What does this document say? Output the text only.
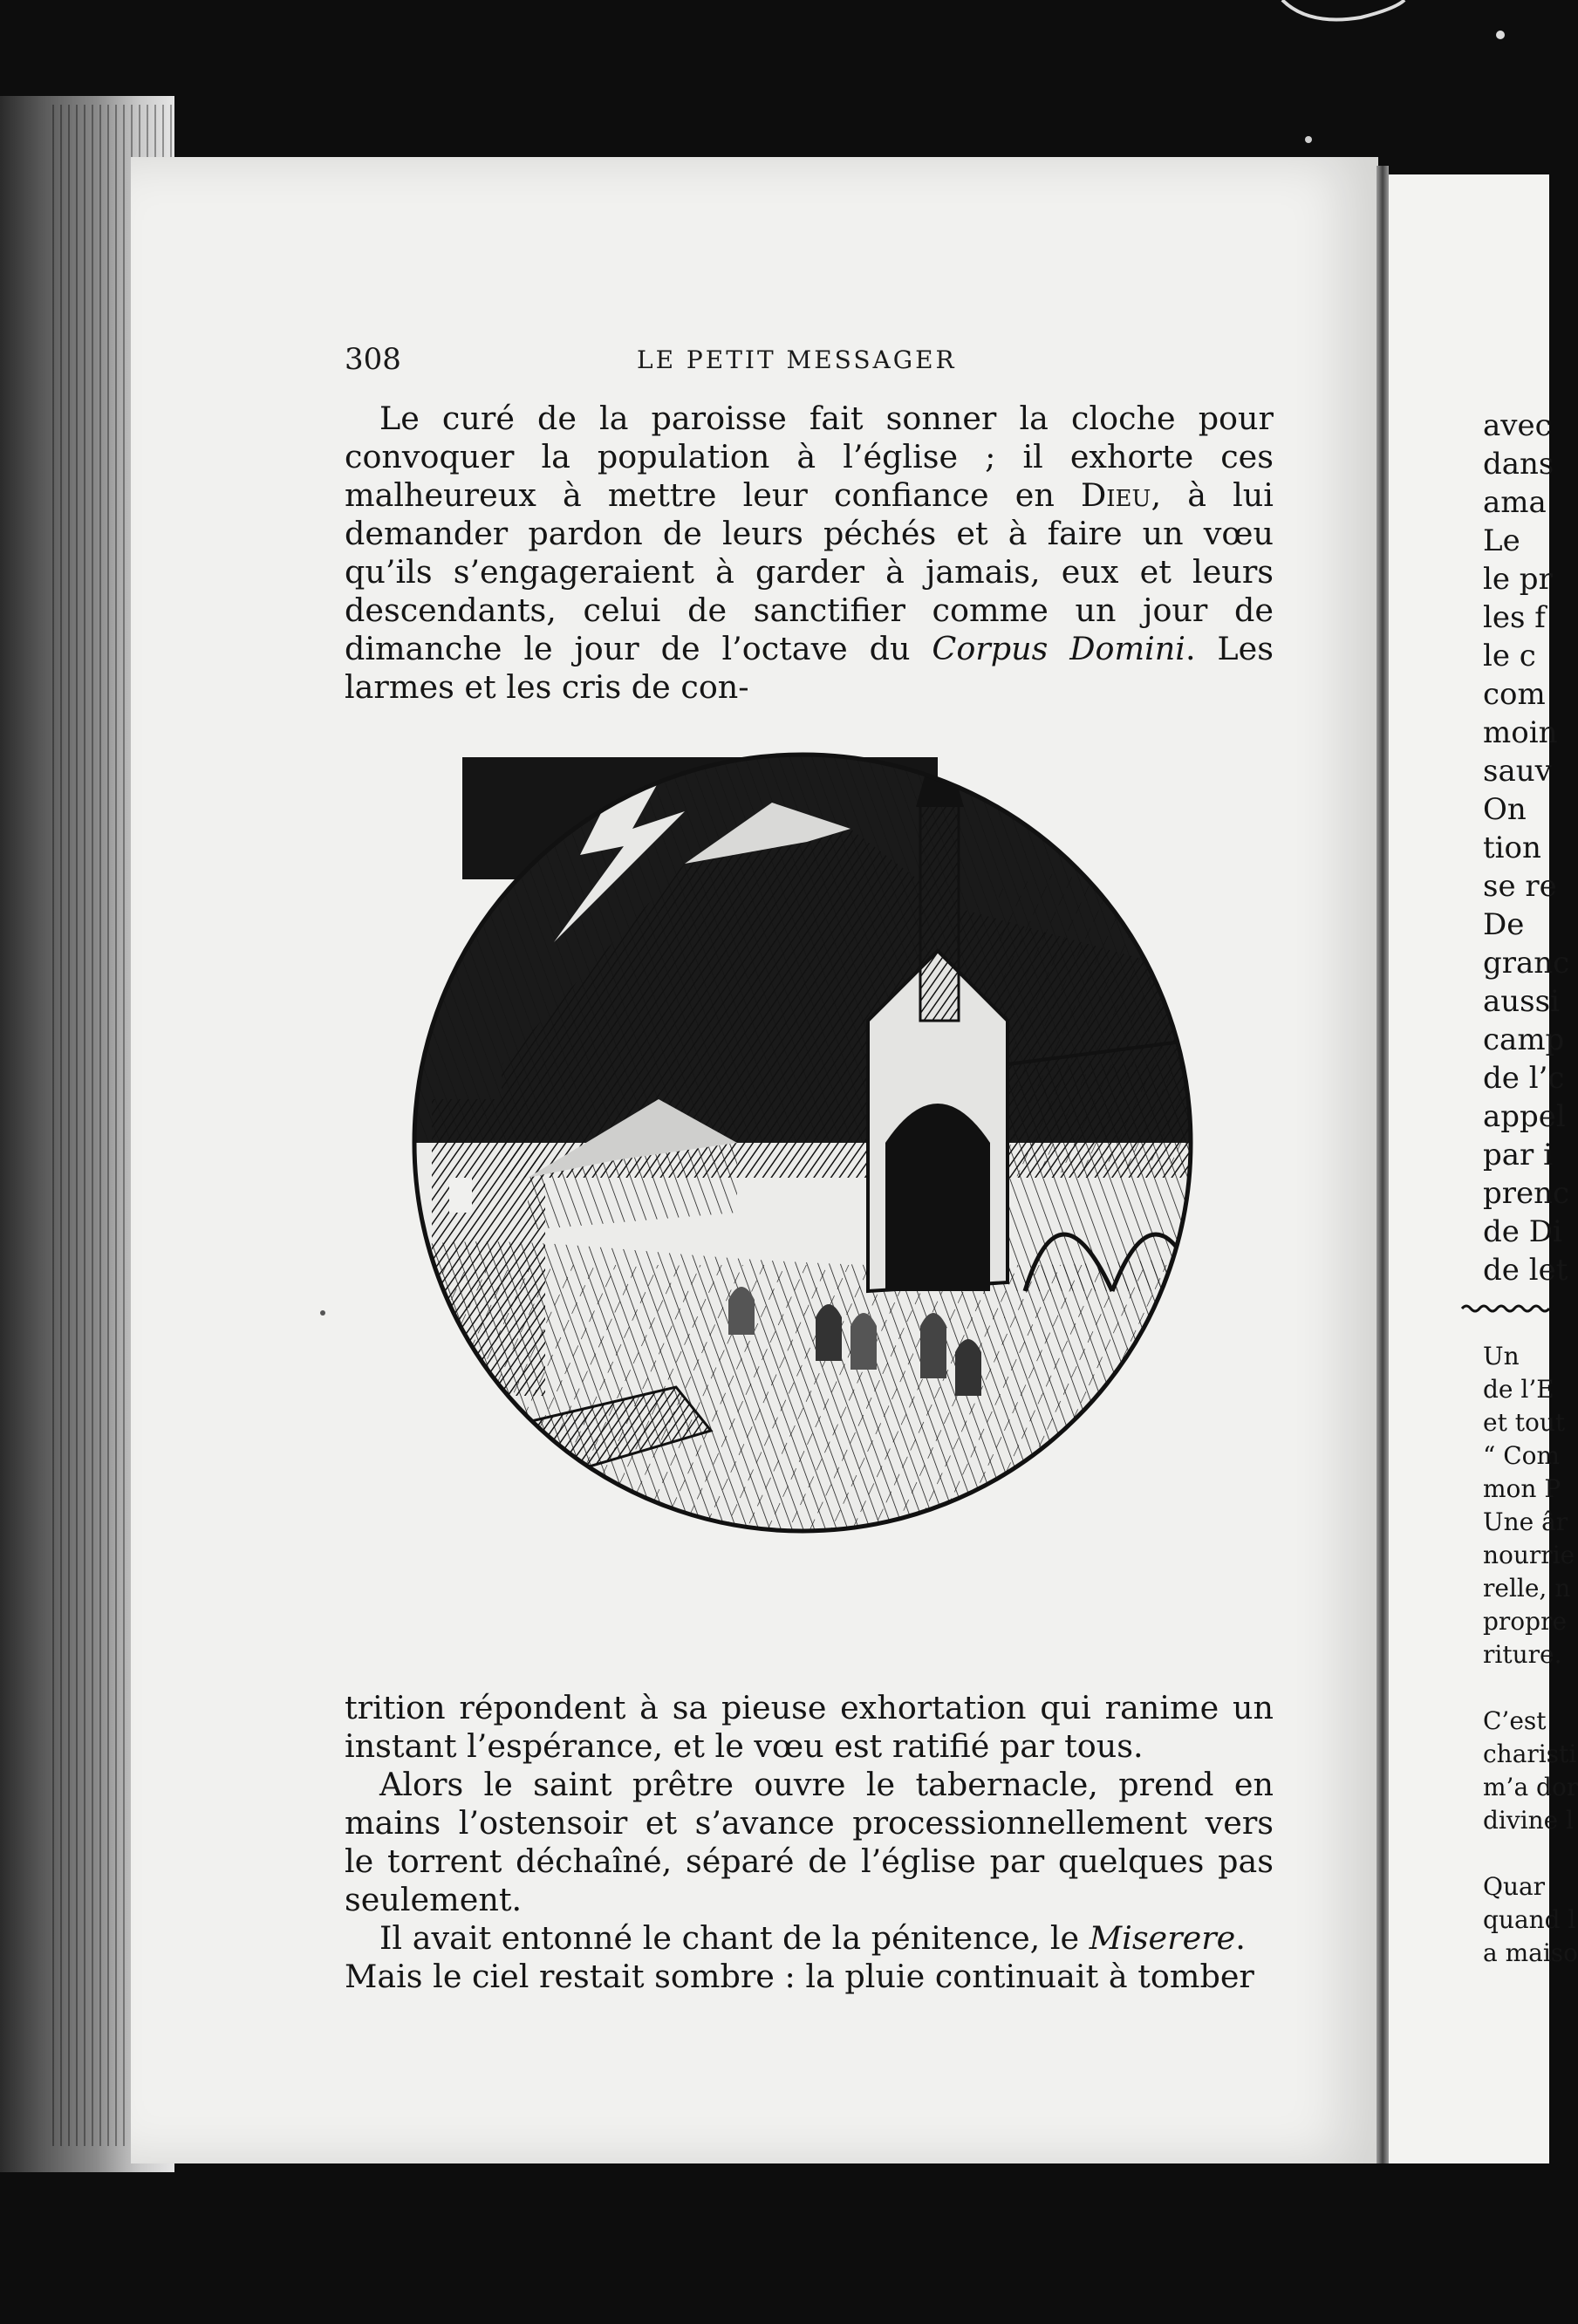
308	LE PETIT MESSAGER

Le curé de la paroisse fait sonner la cloche pour convoquer la population à l’église ; il exhorte ces malheureux à mettre leur confiance en Dieu, à lui demander pardon de leurs péchés et à faire un vœu qu’ils s’engageraient à garder à jamais, eux et leurs descendants, celui de sanctifier comme un jour de dimanche le jour de l’octave du Corpus Domini. Les larmes et les cris de con-

trition répondent à sa pieuse exhortation qui ranime un instant l’espérance, et le vœu est ratifié par tous.

Alors le saint prêtre ouvre le tabernacle, prend en mains l’ostensoir et s’avance processionnellement vers le torrent déchaîné, séparé de l’église par quelques pas seulement.

Il avait entonné le chant de la pénitence, le Miserere.

Mais le ciel restait sombre : la pluie continuait à tomber

avec

dans

ama

Le

le pr

les f

le c

com

moin

sauv

On

tion

se re

De

granc

aussi

camp

de l’c

appel

par i

prenc

de Di

de let

Un

de l’E

et tout

“ Com

mon P

Une âr

nourrie

relle, n

propre

riture.

C’est

charisti

m’a dor

divine l

Quar

quand l

a maiso
